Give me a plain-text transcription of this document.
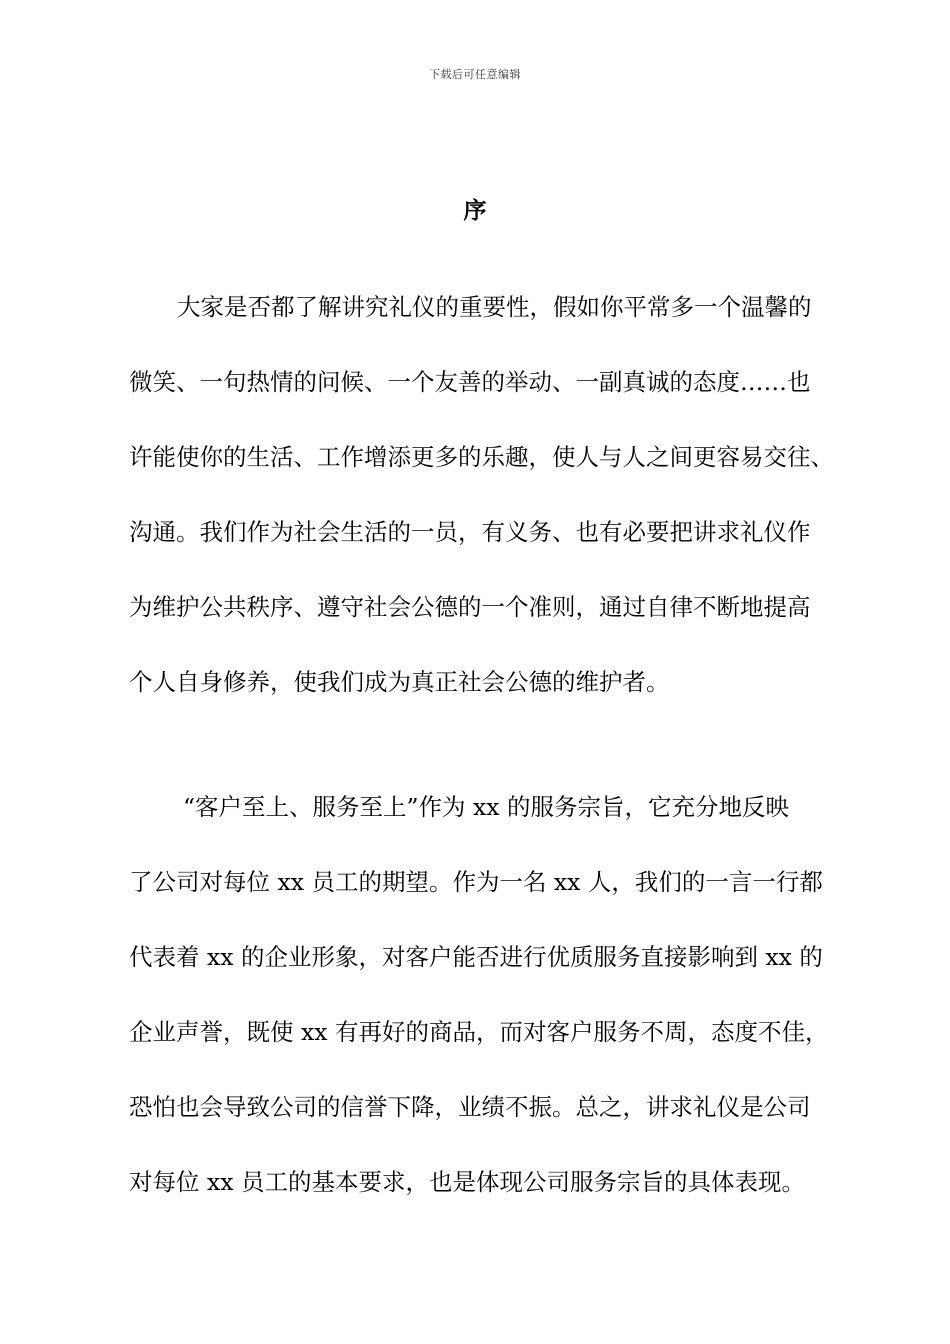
下载后可任意编辑
序
大家是否都了解讲究礼仪的重要性，假如你平常多一个温馨的
微笑、一句热情的问候、一个友善的举动、一副真诚的态度……也
许能使你的生活、工作增添更多的乐趣，使人与人之间更容易交往、
沟通。我们作为社会生活的一员，有义务、也有必要把讲求礼仪作
为维护公共秩序、遵守社会公德的一个准则，通过自律不断地提高
个人自身修养，使我们成为真正社会公德的维护者。
“客户至上、服务至上”作为 xx 的服务宗旨，它充分地反映
了公司对每位 xx 员工的期望。作为一名 xx 人，我们的一言一行都
代表着 xx 的企业形象，对客户能否进行优质服务直接影响到 xx 的
企业声誉，既使 xx 有再好的商品，而对客户服务不周，态度不佳，
恐怕也会导致公司的信誉下降，业绩不振。总之，讲求礼仪是公司
对每位 xx 员工的基本要求，也是体现公司服务宗旨的具体表现。
